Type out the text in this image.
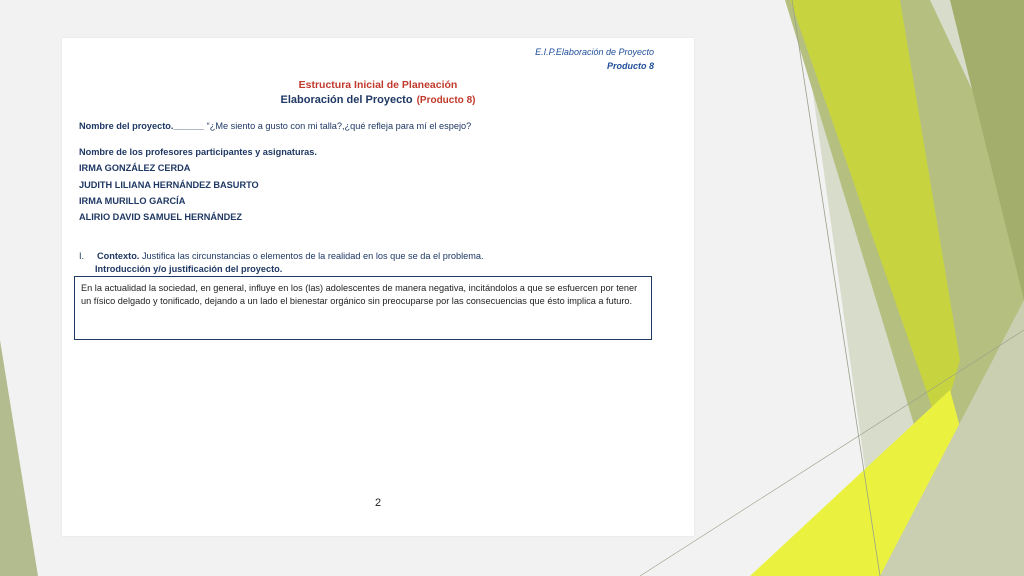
E.I.P.Elaboración de Proyecto
Producto 8
Estructura Inicial de Planeación
Elaboración del Proyecto (Producto 8)
Nombre del proyecto.______ “¿Me siento a gusto con mi talla?,¿qué refleja para mí el espejo?
Nombre de los profesores participantes y asignaturas.
IRMA GONZÁLEZ CERDA
JUDITH LILIANA HERNÁNDEZ BASURTO
IRMA MURILLO GARCÍA
ALIRIO DAVID SAMUEL HERNÁNDEZ
I. Contexto. Justifica las circunstancias o elementos de la realidad en los que se da el problema.
Introducción y/o justificación del proyecto.
En la actualidad la sociedad, en general, influye en los (las) adolescentes de manera negativa, incitándolos a que se esfuercen por tener un físico delgado y tonificado, dejando a un lado el bienestar orgánico sin preocuparse por las consecuencias que ésto implica a futuro.
2
